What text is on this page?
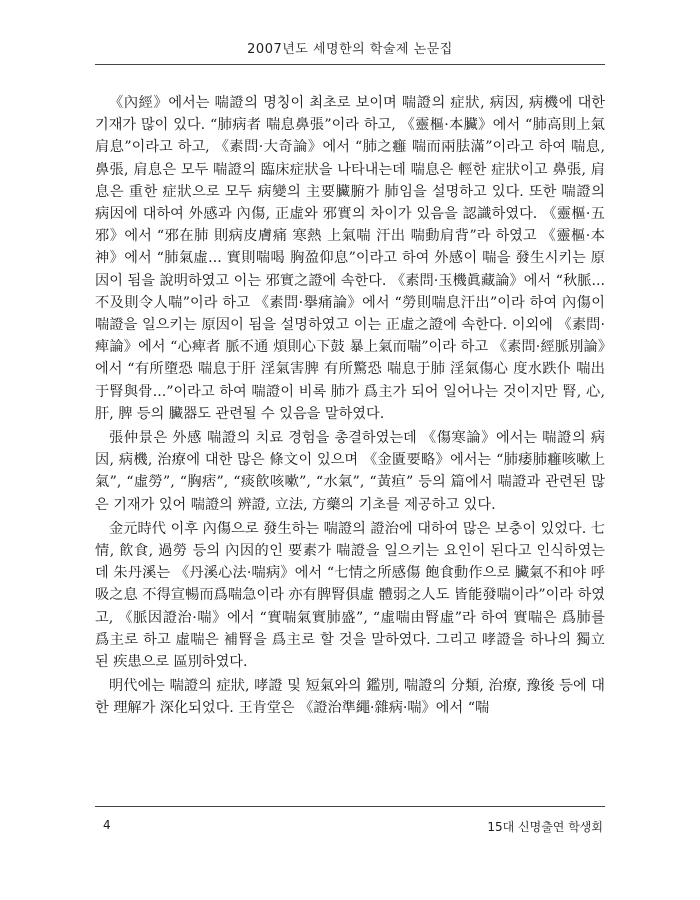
2007년도 세명한의 학술제 논문집

《內經》에서는 喘證의 명칭이 최초로 보이며 喘證의 症狀, 病因, 病機에 대한 기재가 많이 있다. “肺病者 喘息鼻張”이라 하고, 《靈樞·本臟》에서 “肺高則上氣肩息”이라고 하고, 《素問·大奇論》에서 “肺之癰 喘而兩胠滿”이라고 하여 喘息, 鼻張, 肩息은 모두 喘證의 臨床症狀을 나타내는데 喘息은 輕한 症狀이고 鼻張, 肩息은 重한 症狀으로 모두 病變의 主要臟腑가 肺임을 설명하고 있다. 또한 喘證의 病因에 대하여 外感과 內傷, 正虛와 邪實의 차이가 있음을 認識하였다. 《靈樞·五邪》에서 “邪在肺 則病皮膚痛 寒熱 上氣喘 汗出 喘動肩背”라 하였고 《靈樞·本神》에서 “肺氣虛... 實則喘喝 胸盈仰息”이라고 하여 外感이 喘을 發生시키는 原因이 됨을 說明하였고 이는 邪實之證에 속한다. 《素問·玉機眞藏論》에서 “秋脈... 不及則令人喘”이라 하고 《素問·擧痛論》에서 “勞則喘息汗出”이라 하여 內傷이 喘證을 일으키는 原因이 됨을 설명하였고 이는 正虛之證에 속한다. 이외에 《素問·痺論》에서 “心痺者 脈不通 煩則心下鼓 暴上氣而喘”이라 하고 《素問·經脈別論》에서 “有所墮恐 喘息于肝 淫氣害脾 有所驚恐 喘息于肺 淫氣傷心 度水跌仆 喘出于腎與骨...”이라고 하여 喘證이 비록 肺가 爲主가 되어 일어나는 것이지만 腎, 心, 肝, 脾 등의 臟器도 관련될 수 있음을 말하였다.

張仲景은 外感 喘證의 치료 경험을 총결하였는데 《傷寒論》에서는 喘證의 病因, 病機, 治療에 대한 많은 條文이 있으며 《金匱要略》에서는 “肺痿肺癰咳嗽上氣”, “虛勞”, “胸痞”, “痰飮咳嗽”, “水氣”, “黃疸” 등의 篇에서 喘證과 관련된 많은 기재가 있어 喘證의 辨證, 立法, 方藥의 기초를 제공하고 있다.

金元時代 이후 內傷으로 發生하는 喘證의 證治에 대하여 많은 보충이 있었다. 七情, 飮食, 過勞 등의 內因的인 要素가 喘證을 일으키는 요인이 된다고 인식하였는데 朱丹溪는 《丹溪心法·喘病》에서 “七情之所感傷 飽食動作으로 臟氣不和야 呼吸之息 不得宣暢而爲喘急이라 亦有脾腎俱虛 體弱之人도 皆能發喘이라”이라 하였고, 《脈因證治·喘》에서 “實喘氣實肺盛”, “虛喘由腎虛”라 하여 實喘은 爲肺를 爲主로 하고 虛喘은 補腎을 爲主로 할 것을 말하였다. 그리고 哮證을 하나의 獨立된 疾患으로 區別하였다.

明代에는 喘證의 症狀, 哮證 및 短氣와의 鑑別, 喘證의 分類, 治療, 豫後 등에 대한 理解가 深化되었다. 王肯堂은 《證治準繩·雜病·喘》에서 “喘

4	15대 신명출연 학생회
